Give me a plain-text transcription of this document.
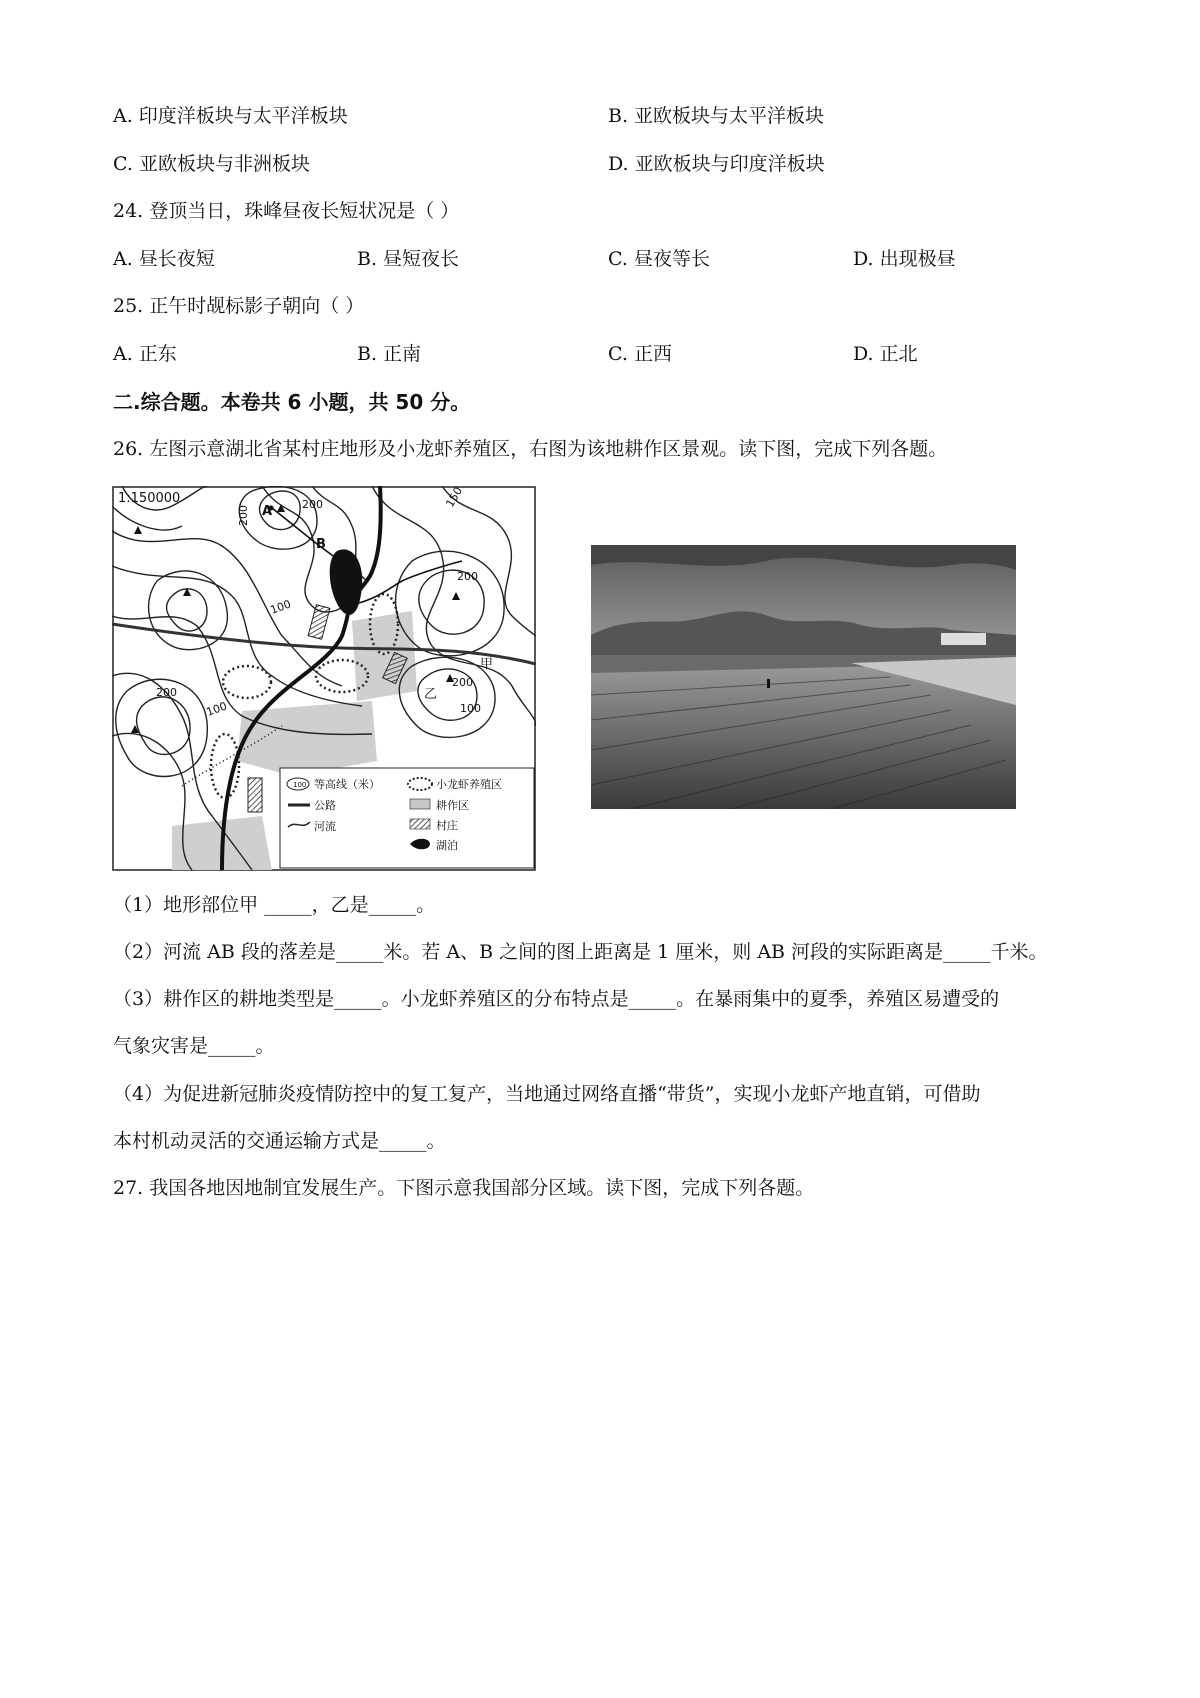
A. 印度洋板块与太平洋板块	B. 亚欧板块与太平洋板块
C. 亚欧板块与非洲板块	D. 亚欧板块与印度洋板块
24. 登顶当日，珠峰昼夜长短状况是（ ）
A. 昼长夜短	B. 昼短夜长	C. 昼夜等长	D. 出现极昼
25. 正午时觇标影子朝向（ ）
A. 正东	B. 正南	C. 正西	D. 正北
二.综合题。本卷共 6 小题，共 50 分。
26. 左图示意湖北省某村庄地形及小龙虾养殖区，右图为该地耕作区景观。读下图，完成下列各题。
1:150000
A
B
甲
乙
150
200
200
200
200
200
100
100
100
100 等高线（米）
公路
河流
小龙虾养殖区
耕作区
村庄
湖泊
（1）地形部位甲 _____，乙是_____。
（2）河流 AB 段的落差是_____米。若 A、B 之间的图上距离是 1 厘米，则 AB 河段的实际距离是_____千米。
（3）耕作区的耕地类型是_____。小龙虾养殖区的分布特点是_____。在暴雨集中的夏季，养殖区易遭受的
气象灾害是_____。
（4）为促进新冠肺炎疫情防控中的复工复产，当地通过网络直播“带货”，实现小龙虾产地直销，可借助
本村机动灵活的交通运输方式是_____。
27. 我国各地因地制宜发展生产。下图示意我国部分区域。读下图，完成下列各题。
